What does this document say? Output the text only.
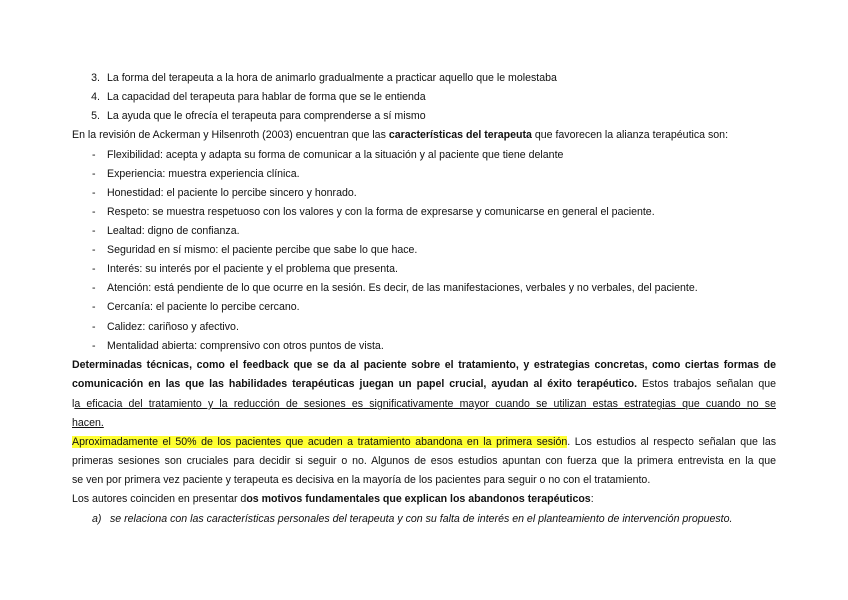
3. La forma del terapeuta a la hora de animarlo gradualmente a practicar aquello que le molestaba
4. La capacidad del terapeuta para hablar de forma que se le entienda
5. La ayuda que le ofrecía el terapeuta para comprenderse a sí mismo
En la revisión de Ackerman y Hilsenroth (2003) encuentran que las características del terapeuta que favorecen la alianza terapéutica son:
- Flexibilidad: acepta y adapta su forma de comunicar a la situación y al paciente que tiene delante
- Experiencia: muestra experiencia clínica.
- Honestidad: el paciente lo percibe sincero y honrado.
- Respeto: se muestra respetuoso con los valores y con la forma de expresarse y comunicarse en general el paciente.
- Lealtad: digno de confianza.
- Seguridad en sí mismo: el paciente percibe que sabe lo que hace.
- Interés: su interés por el paciente y el problema que presenta.
- Atención: está pendiente de lo que ocurre en la sesión. Es decir, de las manifestaciones, verbales y no verbales, del paciente.
- Cercanía: el paciente lo percibe cercano.
- Calidez: cariñoso y afectivo.
- Mentalidad abierta: comprensivo con otros puntos de vista.
Determinadas técnicas, como el feedback que se da al paciente sobre el tratamiento, y estrategias concretas, como ciertas formas de
comunicación en las que las habilidades terapéuticas juegan un papel crucial, ayudan al éxito terapéutico. Estos trabajos señalan que
la eficacia del tratamiento y la reducción de sesiones es significativamente mayor cuando se utilizan estas estrategias que cuando no se
hacen.
Aproximadamente el 50% de los pacientes que acuden a tratamiento abandona en la primera sesión. Los estudios al respecto señalan que las
primeras sesiones son cruciales para decidir si seguir o no. Algunos de esos estudios apuntan con fuerza que la primera entrevista en la que
se ven por primera vez paciente y terapeuta es decisiva en la mayoría de los pacientes para seguir o no con el tratamiento.
Los autores coinciden en presentar dos motivos fundamentales que explican los abandonos terapéuticos:
a) se relaciona con las características personales del terapeuta y con su falta de interés en el planteamiento de intervención propuesto.
